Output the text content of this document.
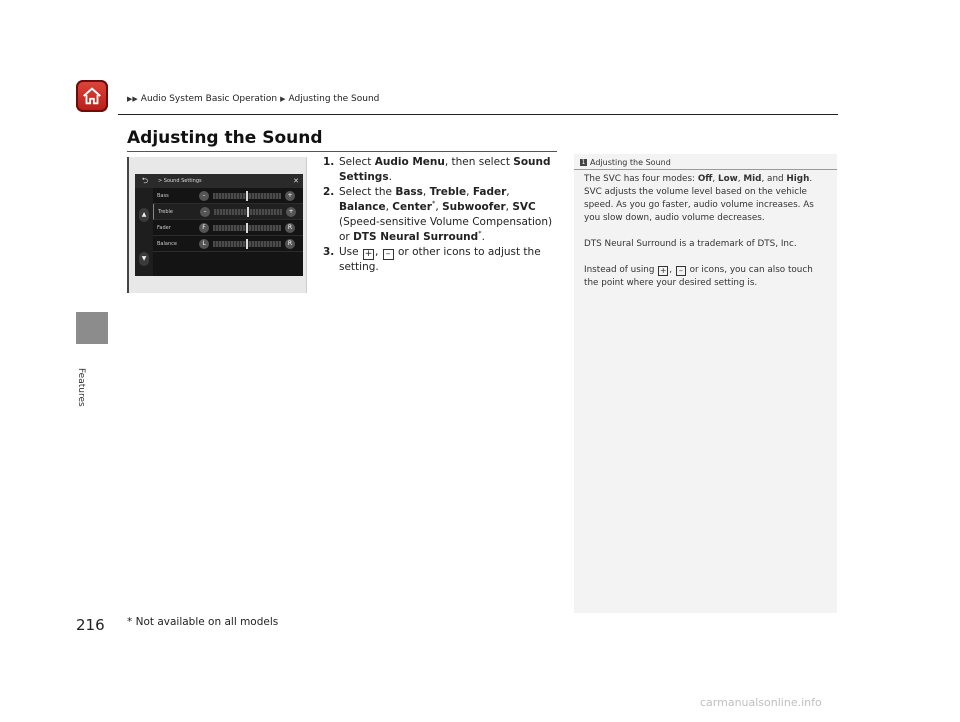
▶▶ Audio System Basic Operation ▶ Adjusting the Sound
Features
Adjusting the Sound
⮌	> Sound Settings	✕
▲
▼
Bass	–	+
Treble	–	+
Fader	F	R
Balance	L	R
1. Select Audio Menu, then select Sound Settings.
2. Select the Bass, Treble, Fader, Balance, Center*, Subwoofer, SVC (Speed-sensitive Volume Compensation) or DTS Neural Surround*.
3. Use + , – or other icons to adjust the setting.
1 Adjusting the Sound

The SVC has four modes: Off, Low, Mid, and High. SVC adjusts the volume level based on the vehicle speed. As you go faster, audio volume increases. As you slow down, audio volume decreases.

DTS Neural Surround is a trademark of DTS, Inc.

Instead of using + , – or icons, you can also touch the point where your desired setting is.

216 * Not available on all models
carmanualsonline.info
